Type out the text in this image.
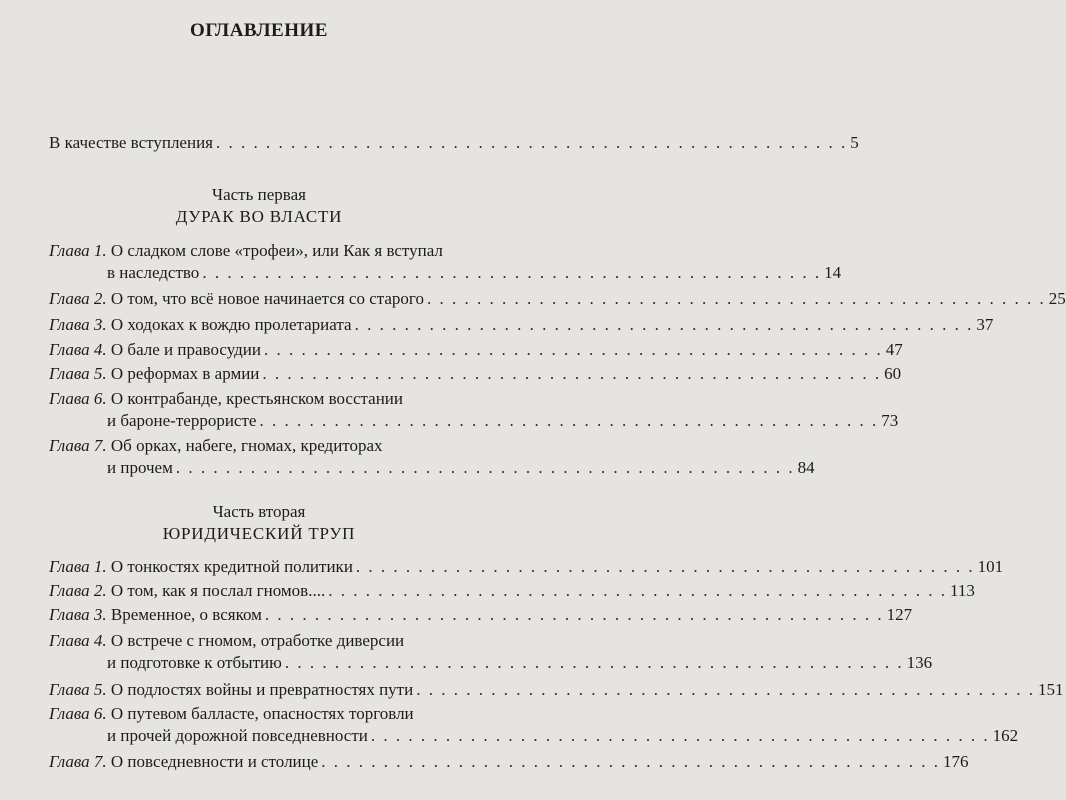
ОГЛАВЛЕНИЕ
В качестве вступления . . . . . . . . . . . . . . . . . . . . . . . . . . . . . . . . . . . . . . . . . . . . . . . . . . . 5
Часть первая
ДУРАК ВО ВЛАСТИ
Глава 1. О сладком слове «трофеи», или Как я вступал
в наследство . . . . . . . . . . . . . . . . . . . . . . . . . . . . . . . . . . . . . . . . . . . . . . . . . . 14
Глава 2.
О том, что всё новое начинается со старого . . . . . . . . . . . . . . . . . . . . . . . . . . . . . . . . . . . . . . . . . . . . . . . . . . 25
Глава 3.
О ходоках к вождю пролетариата . . . . . . . . . . . . . . . . . . . . . . . . . . . . . . . . . . . . . . . . . . . . . . . . . . 37
Глава 4.
О бале и правосудии . . . . . . . . . . . . . . . . . . . . . . . . . . . . . . . . . . . . . . . . . . . . . . . . . . 47
Глава 5.
О реформах в армии . . . . . . . . . . . . . . . . . . . . . . . . . . . . . . . . . . . . . . . . . . . . . . . . . . 60
Глава 6. О контрабанде, крестьянском восстании
и бароне-террористе . . . . . . . . . . . . . . . . . . . . . . . . . . . . . . . . . . . . . . . . . . . . . . . . . . 73
Глава 7. Об орках, набеге, гномах, кредиторах
и прочем . . . . . . . . . . . . . . . . . . . . . . . . . . . . . . . . . . . . . . . . . . . . . . . . . . 84
Часть вторая
ЮРИДИЧЕСКИЙ ТРУП
Глава 1.
О тонкостях кредитной политики . . . . . . . . . . . . . . . . . . . . . . . . . . . . . . . . . . . . . . . . . . . . . . . . . . 101
Глава 2.
О том, как я послал гномов.... . . . . . . . . . . . . . . . . . . . . . . . . . . . . . . . . . . . . . . . . . . . . . . . . . . 113
Глава 3.
Временное, о всяком . . . . . . . . . . . . . . . . . . . . . . . . . . . . . . . . . . . . . . . . . . . . . . . . . . 127
Глава 4. О встрече с гномом, отработке диверсии
и подготовке к отбытию . . . . . . . . . . . . . . . . . . . . . . . . . . . . . . . . . . . . . . . . . . . . . . . . . . 136
Глава 5.
О подлостях войны и превратностях пути . . . . . . . . . . . . . . . . . . . . . . . . . . . . . . . . . . . . . . . . . . . . . . . . . . 151
Глава 6. О путевом балласте, опасностях торговли
и прочей дорожной повседневности . . . . . . . . . . . . . . . . . . . . . . . . . . . . . . . . . . . . . . . . . . . . . . . . . . 162
Глава 7.
О повседневности и столице . . . . . . . . . . . . . . . . . . . . . . . . . . . . . . . . . . . . . . . . . . . . . . . . . . 176
